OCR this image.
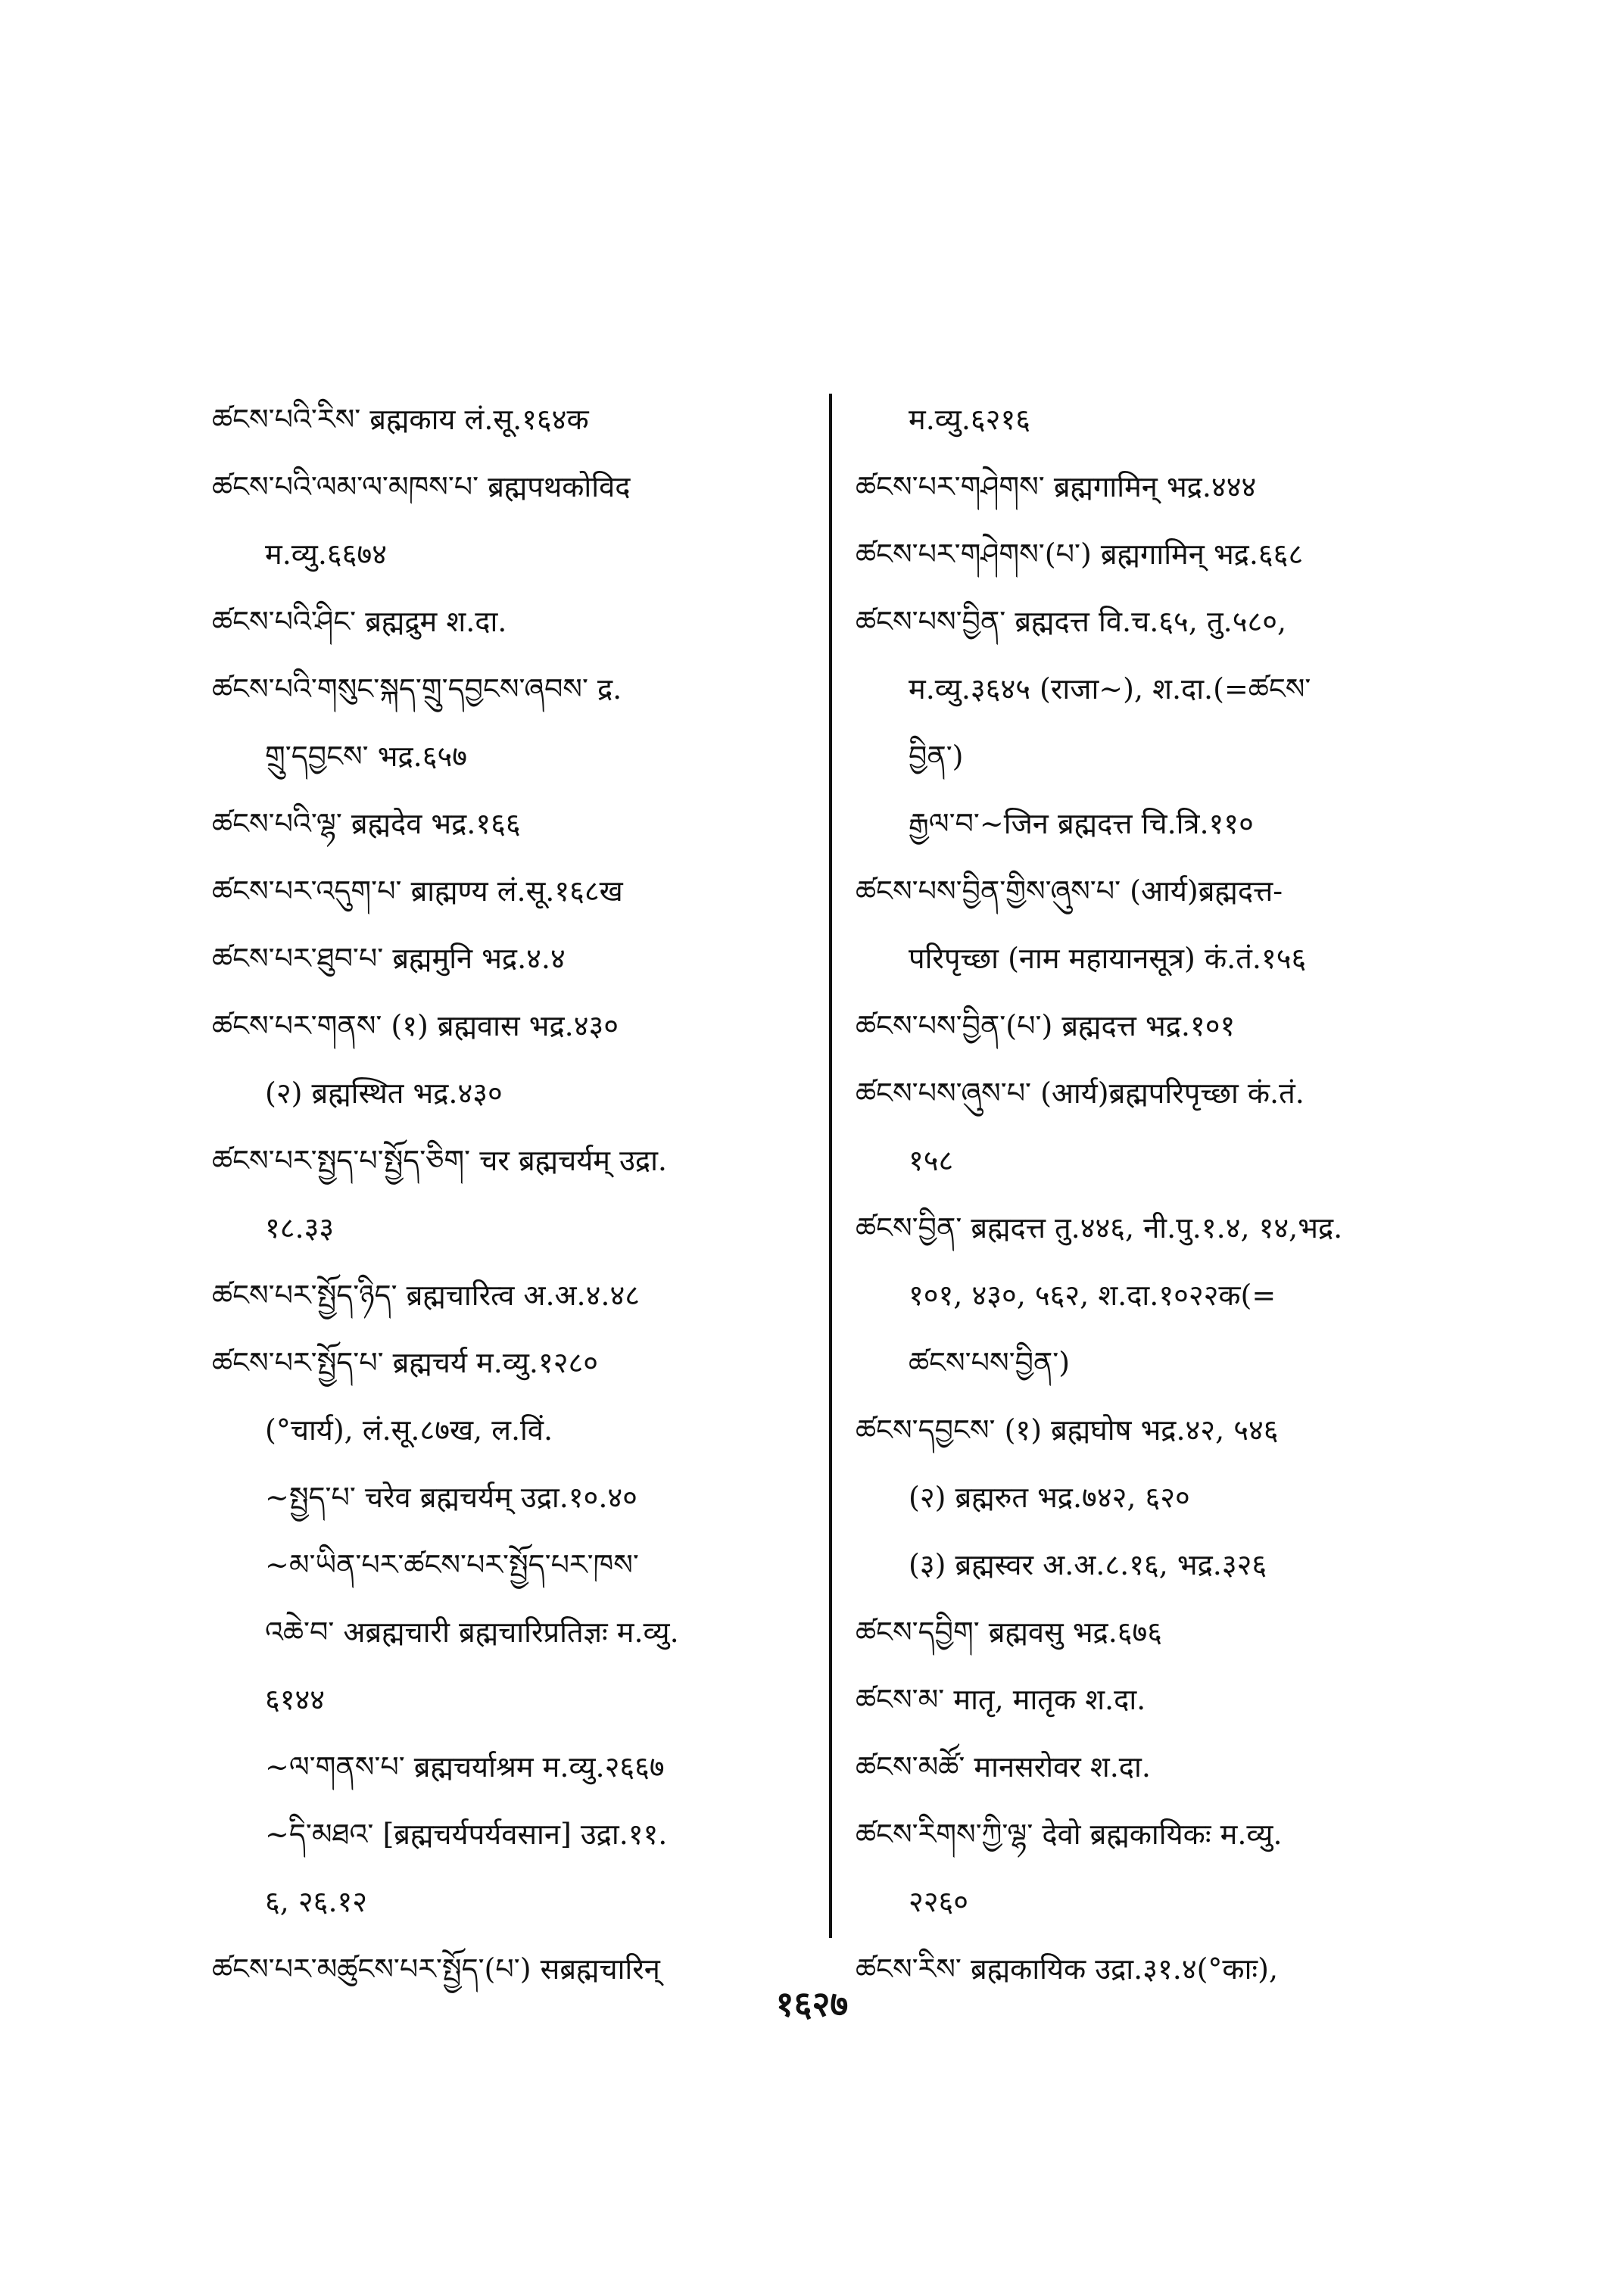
ཚངས་པའི་རིས་ ब्रह्मकाय लं.सू.१६४क
ཚངས་པའི་ལམ་ལ་མཁས་པ་ ब्रह्मपथकोविद
म.व्यु.६६७४
ཚངས་པའི་ཤིང་ ब्रह्मद्रुम श.दा.
ཚངས་པའི་གསུང་སྐད་གྲུ་དབྱངས་ཞབས་ द्र.
གྲུ་དབྱངས་ भद्र.६५७
ཚངས་པའི་ལྷ་ ब्रह्मदेव भद्र.१६६
ཚངས་པར་འདུག་པ་ ब्राह्मण्य लं.सू.१६८ख
ཚངས་པར་ཐུབ་པ་ ब्रह्ममुनि भद्र.४.४
ཚངས་པར་གནས་ (१) ब्रह्मवास भद्र.४३०
(२) ब्रह्मस्थित भद्र.४३०
ཚངས་པར་སྤྱད་པ་སྤྱོད་ཅིག་ चर ब्रह्मचर्यम् उद्रा.
१८.३३
ཚངས་པར་སྤྱོད་ཉིད་ ब्रह्मचारित्व अ.अ.४.४८
ཚངས་པར་སྤྱོད་པ་ ब्रह्मचर्य म.व्यु.१२८०
(°चार्य), लं.सू.८७ख, ल.विं.
~སྤྱད་པ་ चरेव ब्रह्मचर्यम् उद्रा.१०.४०
~མ་ཡིན་པར་ཚངས་པར་སྤྱོད་པར་ཁས་
འཆེ་བ་ अब्रह्मचारी ब्रह्मचारिप्रतिज्ञः म.व्यु.
६१४४
~ལ་གནས་པ་ ब्रह्मचर्याश्रम म.व्यु.२६६७
~དི་མཐའ་ [ब्रह्मचर्यपर्यवसान] उद्रा.११.
६, २६.१२
ཚངས་པར་མཚུངས་པར་སྤྱོད་(པ་) सब्रह्मचारिन्
म.व्यु.६२१६
ཚངས་པར་གཤེགས་ ब्रह्मगामिन् भद्र.४४४
ཚངས་པར་གཤེགས་(པ་) ब्रह्मगामिन् भद्र.६६८
ཚངས་པས་བྱིན་ ब्रह्मदत्त वि.च.६५, तु.५८०,
म.व्यु.३६४५ (राजा~), श.दा.(=ཚངས་
བྱིན་)
རྒྱལ་བ་~जिन ब्रह्मदत्त चि.त्रि.११०
ཚངས་པས་བྱིན་གྱིས་ཞུས་པ་ (आर्य)ब्रह्मदत्त-
परिपृच्छा (नाम महायानसूत्र) कं.तं.१५६
ཚངས་པས་བྱིན་(པ་) ब्रह्मदत्त भद्र.१०१
ཚངས་པས་ཞུས་པ་ (आर्य)ब्रह्मपरिपृच्छा कं.तं.
१५८
ཚངས་བྱིན་ ब्रह्मदत्त तु.४४६, नी.पु.१.४, १४,भद्र.
१०१, ४३०, ५६२, श.दा.१०२२क(=
ཚངས་པས་བྱིན་)
ཚངས་དབྱངས་ (१) ब्रह्मघोष भद्र.४२, ५४६
(२) ब्रह्मरुत भद्र.७४२, ६२०
(३) ब्रह्मस्वर अ.अ.८.१६, भद्र.३२६
ཚངས་དབྱིག་ ब्रह्मवसु भद्र.६७६
ཚངས་མ་ मातृ, मातृक श.दा.
ཚངས་མཚོ་ मानसरोवर श.दा.
ཚངས་རིགས་ཀྱི་ལྷ་ देवो ब्रह्मकायिकः म.व्यु.
२२६०
ཚངས་རིས་ ब्रह्मकायिक उद्रा.३१.४(°काः),
१६२७
